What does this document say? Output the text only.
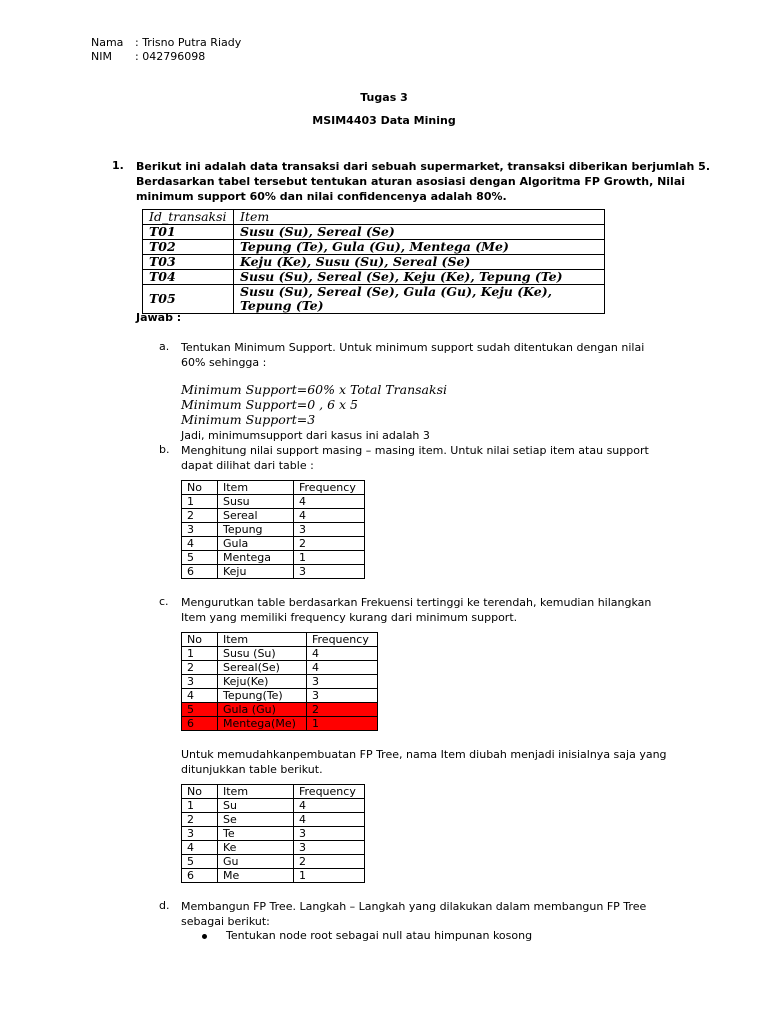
Nama : Trisno Putra Riady
NIM : 042796098
Tugas 3
MSIM4403 Data Mining
1. Berikut ini adalah data transaksi dari sebuah supermarket, transaksi diberikan berjumlah 5.
Berdasarkan tabel tersebut tentukan aturan asosiasi dengan Algoritma FP Growth, Nilai
minimum support 60% dan nilai confidencenya adalah 80%.
Id_transaksi	Item
T01	Susu (Su), Sereal (Se)
T02	Tepung (Te), Gula (Gu), Mentega (Me)
T03	Keju (Ke), Susu (Su), Sereal (Se)
T04	Susu (Su), Sereal (Se), Keju (Ke), Tepung (Te)
T05	Susu (Su), Sereal (Se), Gula (Gu), Keju (Ke), Tepung (Te)
Jawab :
a. Tentukan Minimum Support. Untuk minimum support sudah ditentukan dengan nilai
60% sehingga :
Minimum Support=60% x Total Transaksi
Minimum Support=0 , 6 x 5
Minimum Support=3
Jadi, minimumsupport dari kasus ini adalah 3
b. Menghitung nilai support masing – masing item. Untuk nilai setiap item atau support
dapat dilihat dari table :
No	Item	Frequency
1	Susu	4
2	Sereal	4
3	Tepung	3
4	Gula	2
5	Mentega	1
6	Keju	3
c. Mengurutkan table berdasarkan Frekuensi tertinggi ke terendah, kemudian hilangkan
Item yang memiliki frequency kurang dari minimum support.
No	Item	Frequency
1	Susu (Su)	4
2	Sereal(Se)	4
3	Keju(Ke)	3
4	Tepung(Te)	3
5	Gula (Gu)	2
6	Mentega(Me)	1
Untuk memudahkanpembuatan FP Tree, nama Item diubah menjadi inisialnya saja yang
ditunjukkan table berikut.
No	Item	Frequency
1	Su	4
2	Se	4
3	Te	3
4	Ke	3
5	Gu	2
6	Me	1
d. Membangun FP Tree. Langkah – Langkah yang dilakukan dalam membangun FP Tree
sebagai berikut:
Tentukan node root sebagai null atau himpunan kosong
